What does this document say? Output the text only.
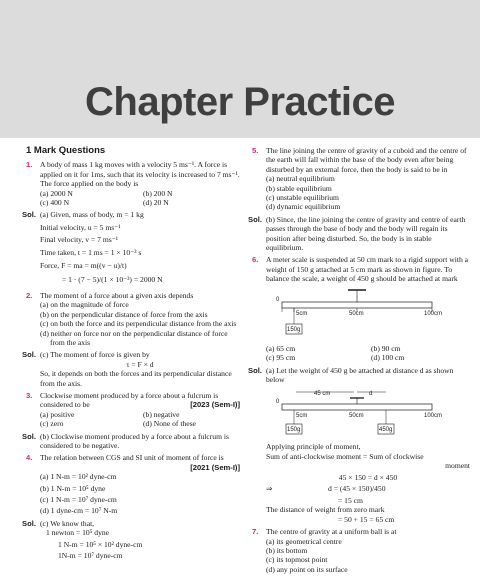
Chapter Practice
1 Mark Questions
1. A body of mass 1 kg moves with a velocity 5 ms⁻¹. A force is applied on it for 1ms, such that its velocity is increased to 7 ms⁻¹. The force applied on the body is
(a) 2000 N	(b) 200 N
(c) 400 N	(d) 20 N
Sol. (a) Given, mass of body, m = 1 kg
Initial velocity, u = 5 ms⁻¹
Final velocity, v = 7 ms⁻¹
Time taken, t = 1 ms = 1 × 10⁻³ s
Force, F = ma = m((v − u)/t)
= 1 · (7 − 5)/(1 × 10⁻³) = 2000 N
2. The moment of a force about a given axis depends
(a) on the magnitude of force
(b) on the perpendicular distance of force from the axis
(c) on both the force and its perpendicular distance from the axis
(d) neither on force nor on the perpendicular distance of force from the axis
Sol. (c) The moment of force is given by
τ = F × d
So, it depends on both the forces and its perpendicular distance from the axis.
3. Clockwise moment produced by a force about a fulcrum is considered to be	[2023 (Sem-I)]
(a) positive	(b) negative
(c) zero	(d) None of these
Sol. (b) Clockwise moment produced by a force about a fulcrum is considered to be negative.
4. The relation between CGS and SI unit of moment of force is
[2021 (Sem-I)]
(a) 1 N-m = 10² dyne-cm
(b) 1 N-m = 10⁵ dyne
(c) 1 N-m = 10⁷ dyne-cm
(d) 1 dyne-cm = 10⁷ N-m
Sol. (c) We know that,
1 newton = 10⁵ dyne
1 N-m = 10⁵ × 10² dyne-cm
1N-m = 10⁷ dyne-cm
5. The line joining the centre of gravity of a cuboid and the centre of the earth will fall within the base of the body even after being disturbed by an external force, then the body is said to be in
(a) neutral equilibrium
(b) stable equilibrium
(c) unstable equilibrium
(d) dynamic equilibrium
Sol. (b) Since, the line joining the centre of gravity and centre of earth passes through the base of body and the body will regain its position after being disturbed. So, the body is in stable equilibrium.
6. A meter scale is suspended at 50 cm mark to a rigid support with a weight of 150 g attached at 5 cm mark as shown in figure. To balance the scale, a weight of 450 g should be attached at mark
0
5cm	50cm	100cm
150g
(a) 65 cm	(b) 90 cm
(c) 95 cm	(d) 100 cm
Sol. (a) Let the weight of 450 g be attached at distance d as shown below
45 cm	d
0
5cm	50cm	100cm
150g	450g
Applying principle of moment,
Sum of anti-clockwise moment = Sum of clockwise
moment
45 × 150 = d × 450
⇒	d = (45 × 150)/450
= 15 cm
The distance of weight from zero mark
= 50 + 15 = 65 cm
7. The centre of gravity at a uniform ball is at
(a) its geometrical centre
(b) its bottom
(c) its topmost point
(d) any point on its surface
